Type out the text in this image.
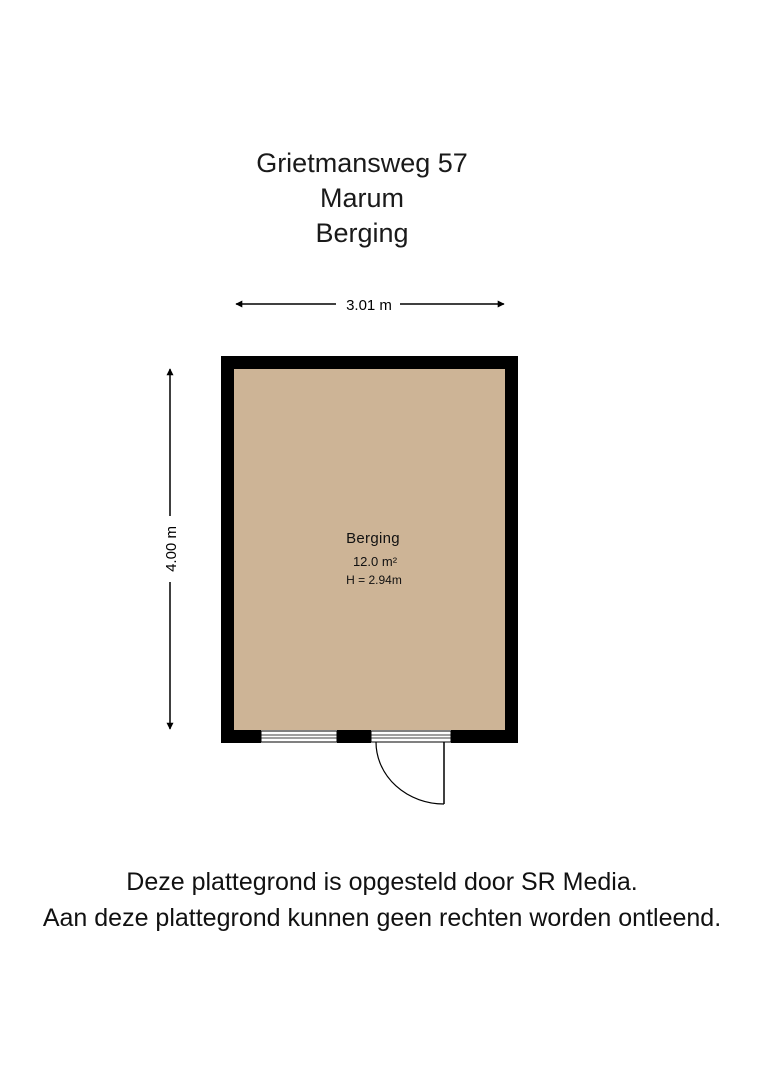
Grietmansweg 57
Marum
Berging
3.01 m
4.00 m	Berging
12.0 m²
H = 2.94m
Deze plattegrond is opgesteld door SR Media.
Aan deze plattegrond kunnen geen rechten worden ontleend.
